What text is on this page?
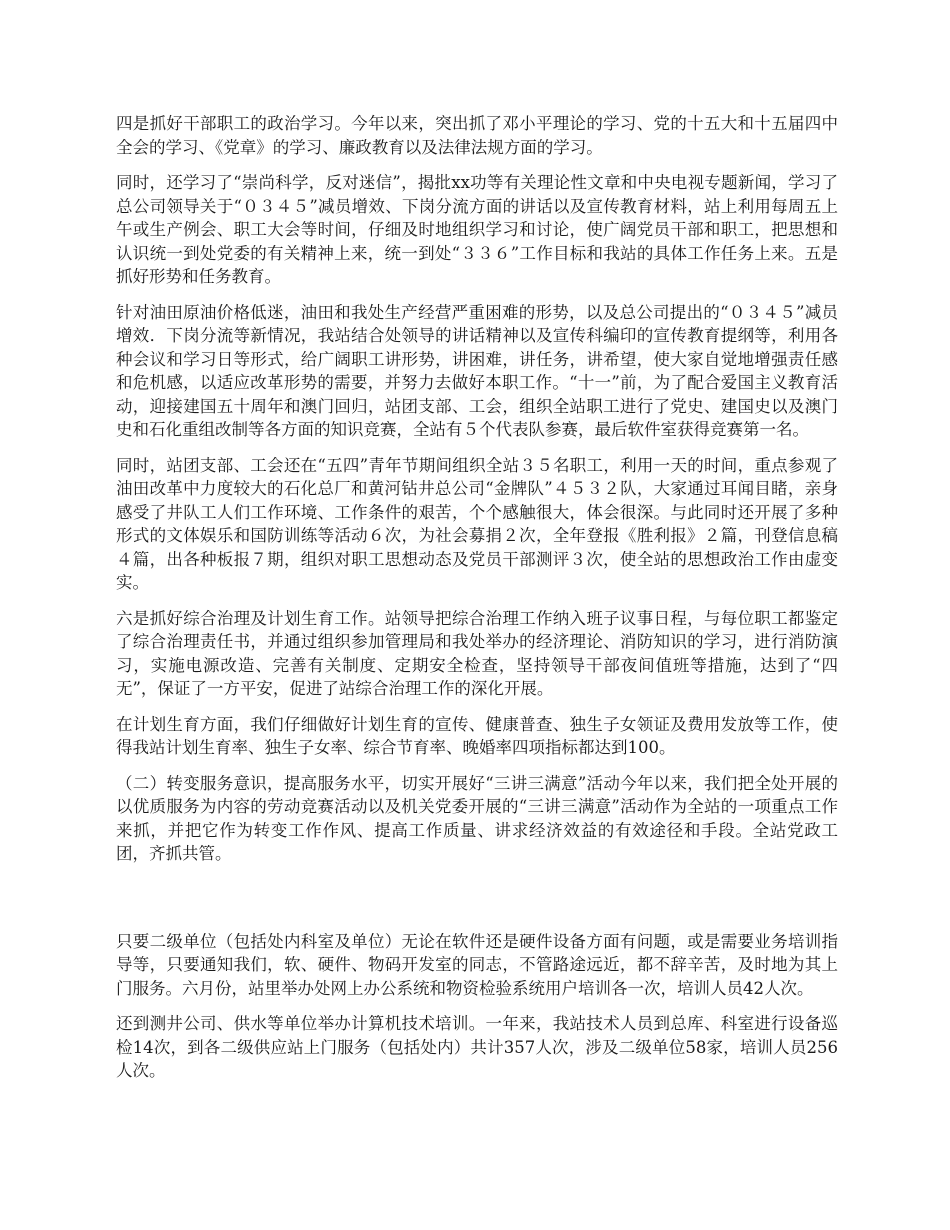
四是抓好干部职工的政治学习。今年以来，突出抓了邓小平理论的学习、党的十五大和十五届四中全会的学习、《党章》的学习、廉政教育以及法律法规方面的学习。

同时，还学习了“崇尚科学，反对迷信”，揭批xx功等有关理论性文章和中央电视专题新闻，学习了总公司领导关于“０３４５”减员增效、下岗分流方面的讲话以及宣传教育材料，站上利用每周五上午或生产例会、职工大会等时间，仔细及时地组织学习和讨论，使广阔党员干部和职工，把思想和认识统一到处党委的有关精神上来，统一到处“３３６”工作目标和我站的具体工作任务上来。五是抓好形势和任务教育。

针对油田原油价格低迷，油田和我处生产经营严重困难的形势，以及总公司提出的“０３４５”减员增效．下岗分流等新情况，我站结合处领导的讲话精神以及宣传科编印的宣传教育提纲等，利用各种会议和学习日等形式，给广阔职工讲形势，讲困难，讲任务，讲希望，使大家自觉地增强责任感和危机感，以适应改革形势的需要，并努力去做好本职工作。“十一”前，为了配合爱国主义教育活动，迎接建国五十周年和澳门回归，站团支部、工会，组织全站职工进行了党史、建国史以及澳门史和石化重组改制等各方面的知识竞赛，全站有５个代表队参赛，最后软件室获得竞赛第一名。

同时，站团支部、工会还在“五四”青年节期间组织全站３５名职工，利用一天的时间，重点参观了油田改革中力度较大的石化总厂和黄河钻井总公司“金牌队”４５３２队，大家通过耳闻目睹，亲身感受了井队工人们工作环境、工作条件的艰苦，个个感触很大，体会很深。与此同时还开展了多种形式的文体娱乐和国防训练等活动６次，为社会募捐２次，全年登报《胜利报》２篇，刊登信息稿４篇，出各种板报７期，组织对职工思想动态及党员干部测评３次，使全站的思想政治工作由虚变实。

六是抓好综合治理及计划生育工作。站领导把综合治理工作纳入班子议事日程，与每位职工都鉴定了综合治理责任书，并通过组织参加管理局和我处举办的经济理论、消防知识的学习，进行消防演习，实施电源改造、完善有关制度、定期安全检查，坚持领导干部夜间值班等措施，达到了“四无”，保证了一方平安，促进了站综合治理工作的深化开展。

在计划生育方面，我们仔细做好计划生育的宣传、健康普查、独生子女领证及费用发放等工作，使得我站计划生育率、独生子女率、综合节育率、晚婚率四项指标都达到100。

（二）转变服务意识，提高服务水平，切实开展好“三讲三满意”活动今年以来，我们把全处开展的以优质服务为内容的劳动竞赛活动以及机关党委开展的“三讲三满意”活动作为全站的一项重点工作来抓，并把它作为转变工作作风、提高工作质量、讲求经济效益的有效途径和手段。全站党政工团，齐抓共管。

只要二级单位（包括处内科室及单位）无论在软件还是硬件设备方面有问题，或是需要业务培训指导等，只要通知我们，软、硬件、物码开发室的同志，不管路途远近，都不辞辛苦，及时地为其上门服务。六月份，站里举办处网上办公系统和物资检验系统用户培训各一次，培训人员42人次。

还到测井公司、供水等单位举办计算机技术培训。一年来，我站技术人员到总库、科室进行设备巡检14次，到各二级供应站上门服务（包括处内）共计357人次，涉及二级单位58家，培训人员256人次。
